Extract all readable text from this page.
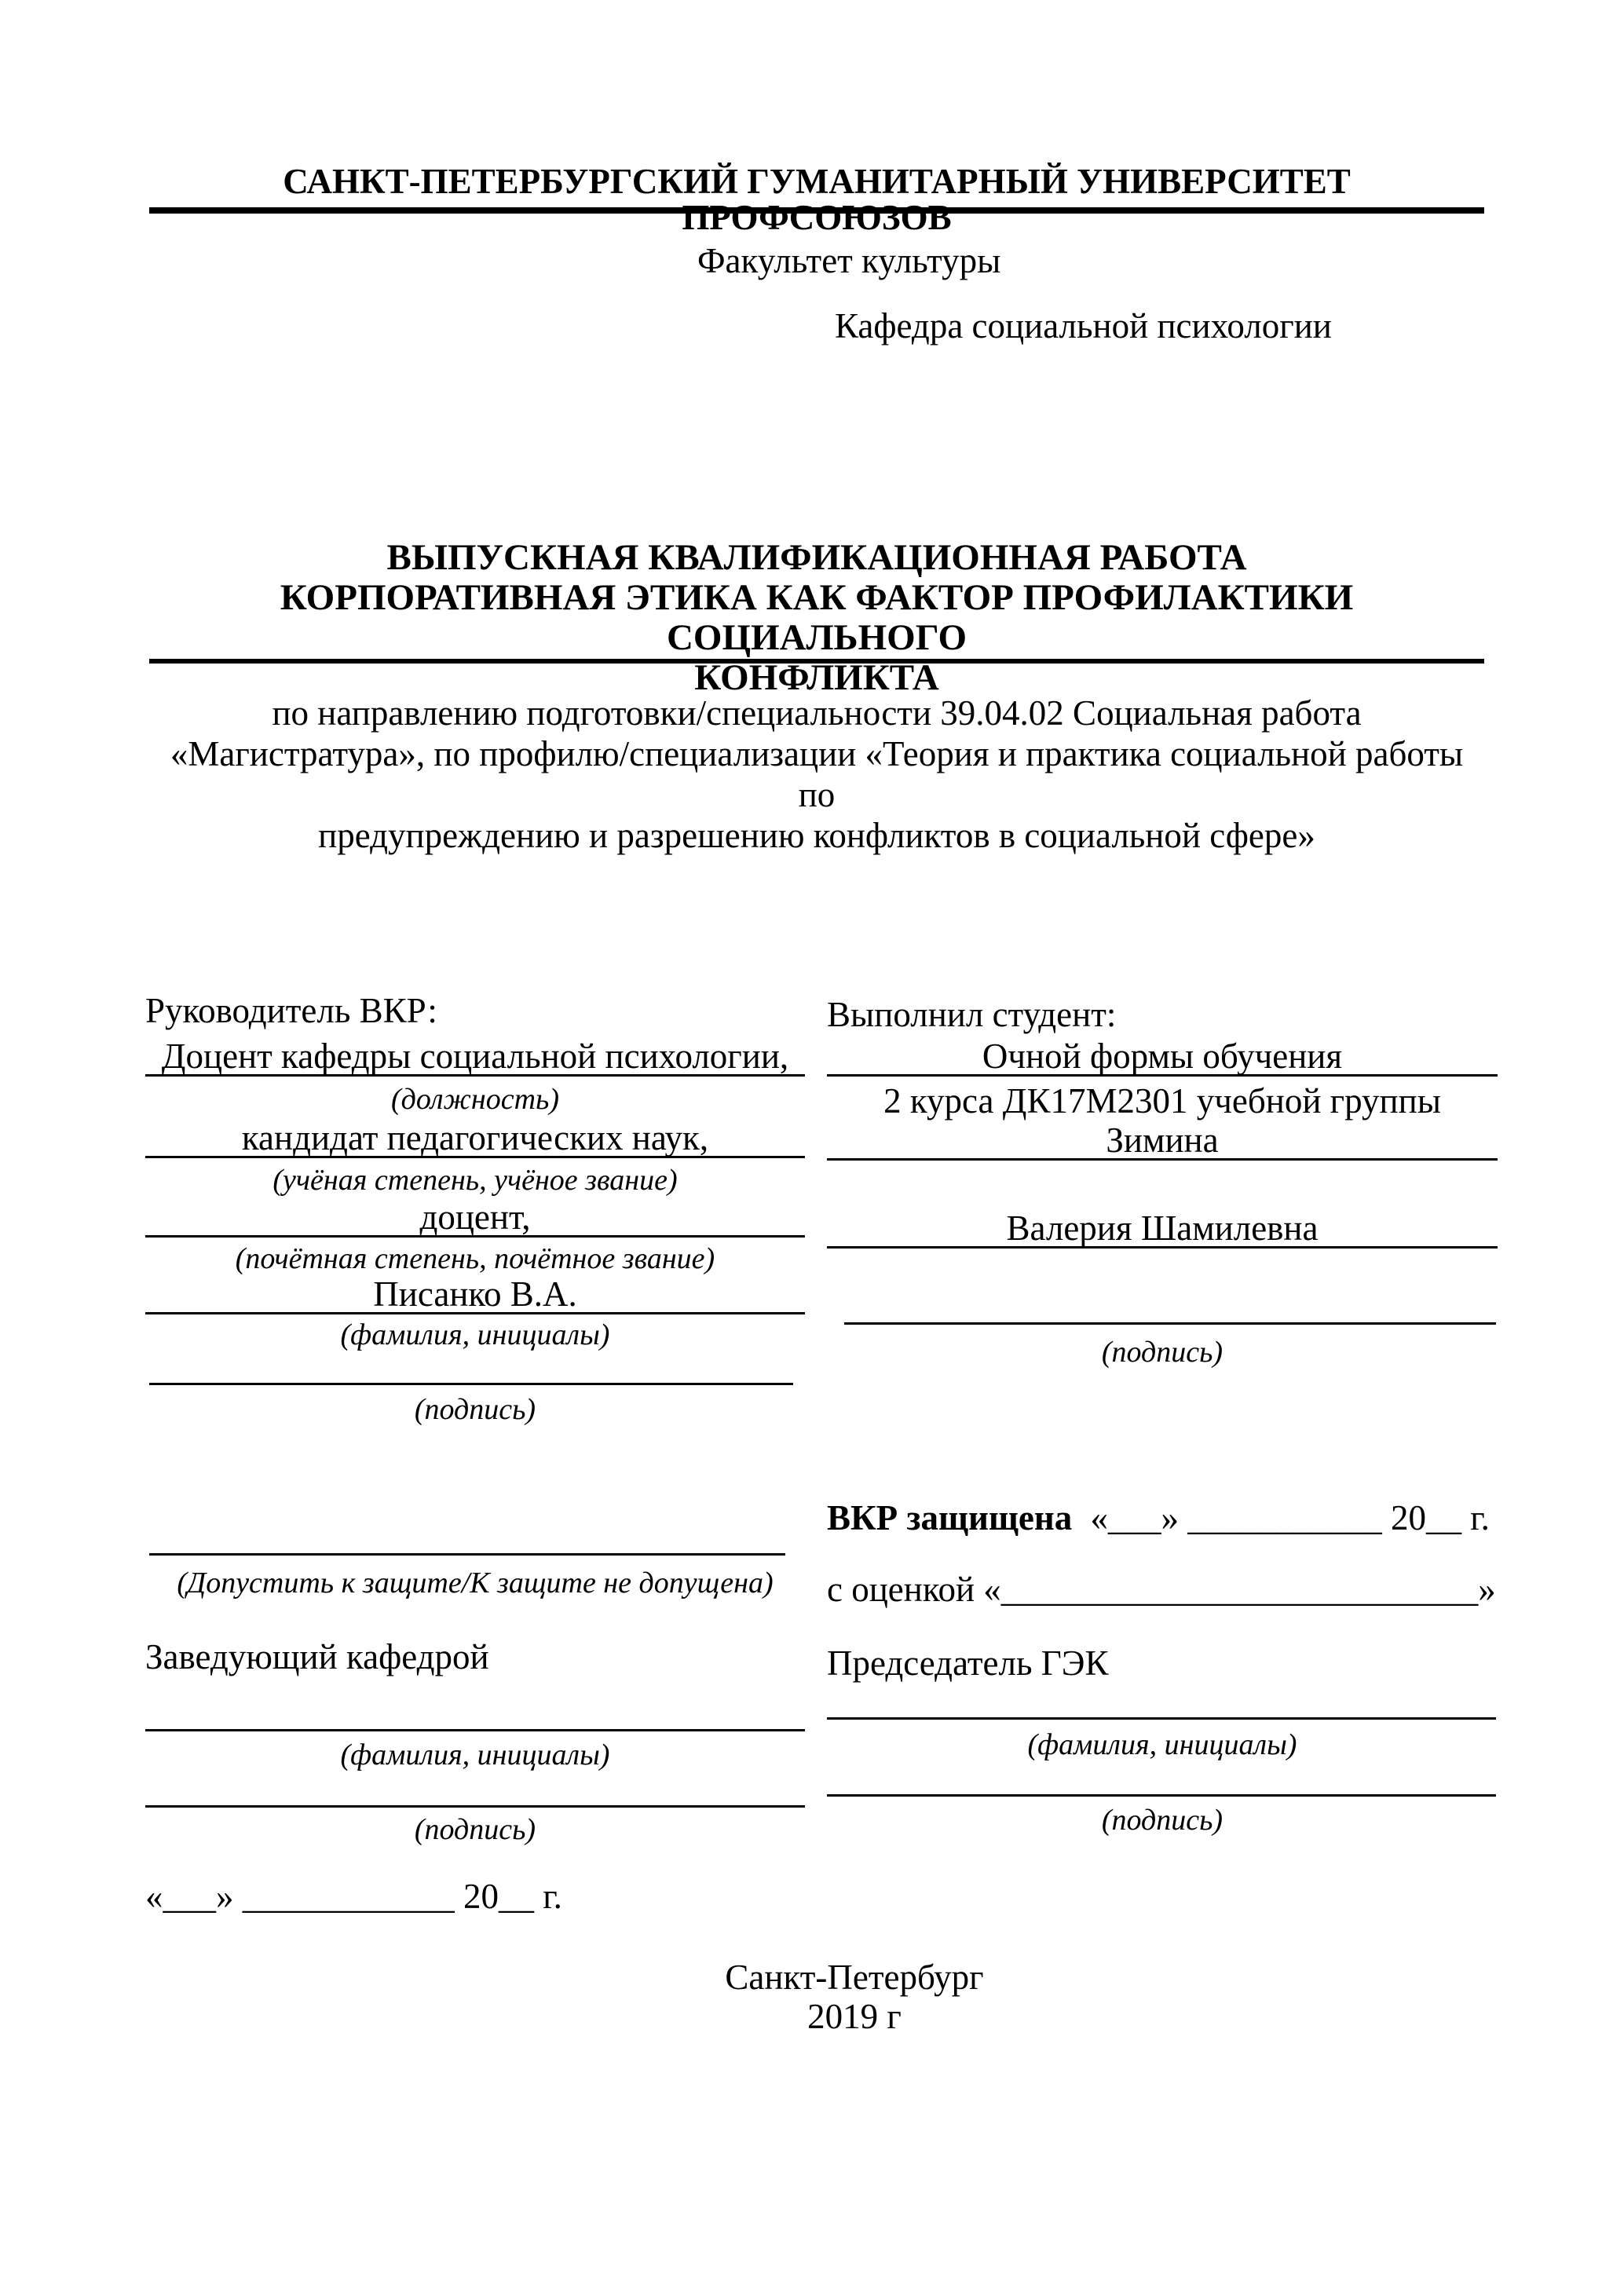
САНКТ-ПЕТЕРБУРГСКИЙ ГУМАНИТАРНЫЙ УНИВЕРСИТЕТ ПРОФСОЮЗОВ
Факультет культуры
Кафедра социальной психологии
ВЫПУСКНАЯ КВАЛИФИКАЦИОННАЯ РАБОТА
КОРПОРАТИВНАЯ ЭТИКА КАК ФАКТОР ПРОФИЛАКТИКИ СОЦИАЛЬНОГО
КОНФЛИКТА
по направлению подготовки/специальности 39.04.02 Социальная работа
«Магистратура», по профилю/специализации «Теория и практика социальной работы по
предупреждению и разрешению конфликтов в социальной сфере»
Руководитель ВКР:
Доцент кафедры социальной психологии,
(должность)
кандидат педагогических наук,
(учёная степень, учёное звание)
доцент,
(почётная степень, почётное звание)
Писанко В.А.
(фамилия, инициалы)
(подпись)
(Допустить к защите/К защите не допущена)
Заведующий кафедрой
(фамилия, инициалы)
(подпись)
«___» ____________ 20__ г.
Выполнил студент:
Очной формы обучения
2 курса ДК17М2301 учебной группы
Зимина
Валерия Шамилевна
(подпись)
ВКР защищена «___» ___________ 20__ г.
с оценкой «___________________________»
Председатель ГЭК
(фамилия, инициалы)
(подпись)
Санкт-Петербург
2019 г
